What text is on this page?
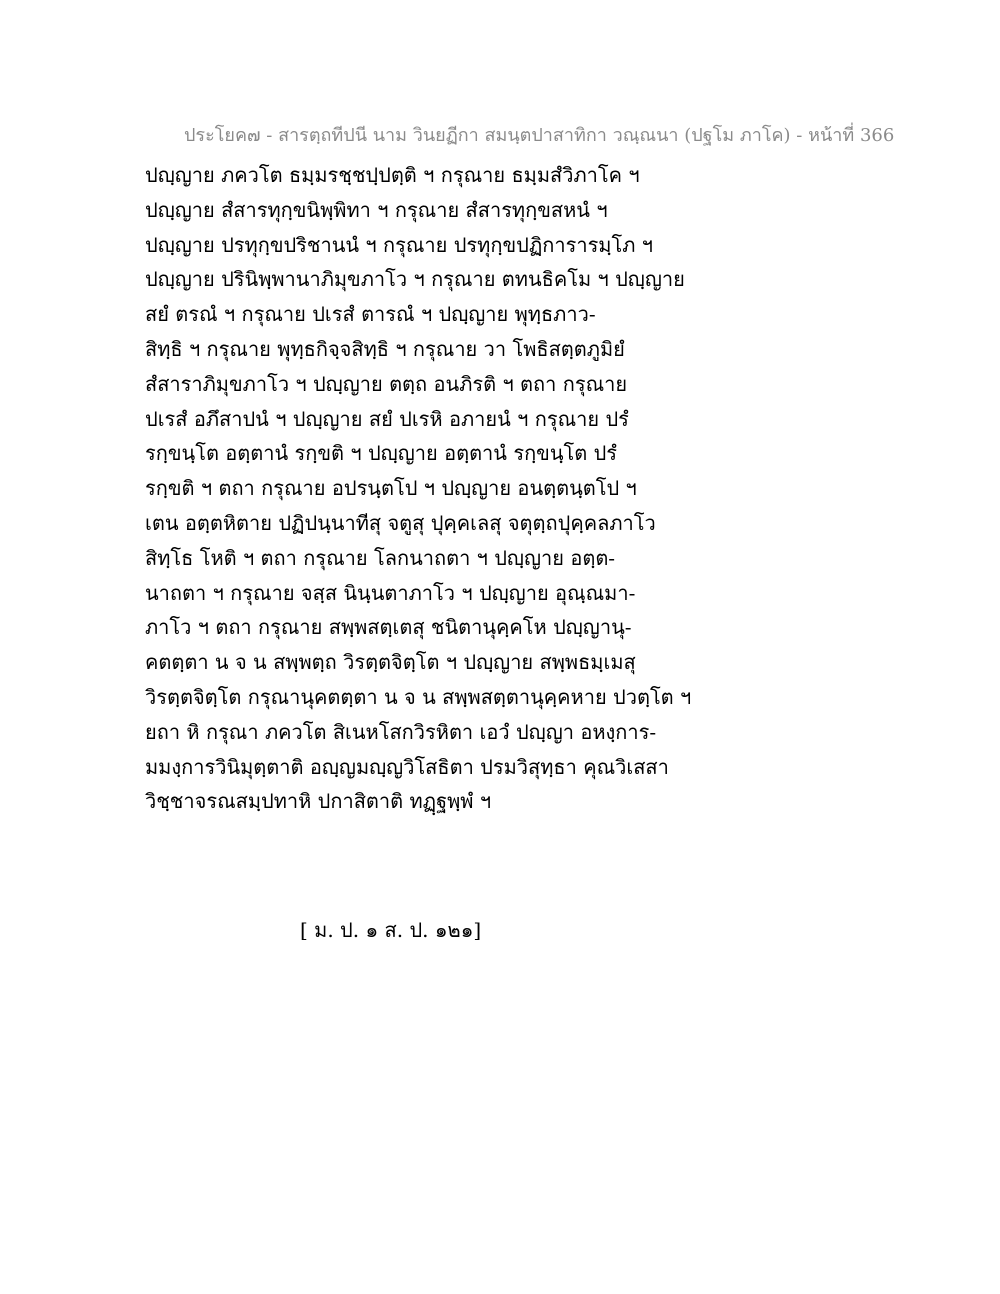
ประโยค๗ - สารตฺถทีปนี นาม วินยฏีกา สมนฺตปาสาทิกา วณฺณนา (ปฐโม ภาโค) - หน้าที่ 366
ปญฺญาย ภควโต ธมฺมรชฺชปฺปตฺติ ฯ กรุณาย ธมฺมสํวิภาโค ฯ
ปญฺญาย สํสารทุกฺขนิพฺพิทา ฯ กรุณาย สํสารทุกฺขสหนํ ฯ
ปญฺญาย ปรทุกฺขปริชานนํ ฯ กรุณาย ปรทุกฺขปฏิการารมฺโภ ฯ
ปญฺญาย ปรินิพฺพานาภิมุขภาโว ฯ กรุณาย ตทนธิคโม ฯ ปญฺญาย
สยํ ตรณํ ฯ กรุณาย ปเรสํ ตารณํ ฯ ปญฺญาย พุทฺธภาว-
สิทฺธิ ฯ กรุณาย พุทฺธกิจฺจสิทฺธิ ฯ กรุณาย วา โพธิสตฺตภูมิยํ
สํสาราภิมุขภาโว ฯ ปญฺญาย ตตฺถ อนภิรติ ฯ ตถา กรุณาย
ปเรสํ อภึสาปนํ ฯ ปญฺญาย สยํ ปเรหิ อภายนํ ฯ กรุณาย ปรํ
รกฺขนฺโต อตฺตานํ รกฺขติ ฯ ปญฺญาย อตฺตานํ รกฺขนฺโต ปรํ
รกฺขติ ฯ ตถา กรุณาย อปรนฺตโป ฯ ปญฺญาย อนตฺตนฺตโป ฯ
เตน อตฺตหิตาย ปฏิปนฺนาทีสุ จตูสุ ปุคฺคเลสุ จตุตฺถปุคฺคลภาโว
สิทฺโธ โหติ ฯ ตถา กรุณาย โลกนาถตา ฯ ปญฺญาย อตฺต-
นาถตา ฯ กรุณาย จสฺส นินฺนตาภาโว ฯ ปญฺญาย อุณฺณมา-
ภาโว ฯ ตถา กรุณาย สพฺพสตฺเตสุ ชนิตานุคฺคโห ปญฺญานุ-
คตตฺตา น จ น สพฺพตฺถ วิรตฺตจิตฺโต ฯ ปญฺญาย สพฺพธมฺเมสุ
วิรตฺตจิตฺโต กรุณานุคตตฺตา น จ น สพฺพสตฺตานุคฺคหาย ปวตฺโต ฯ
ยถา หิ กรุณา ภควโต สิเนหโสกวิรหิตา เอวํ ปญฺญา อหงฺการ-
มมงฺการวินิมุตฺตาติ อญฺญมญฺญวิโสธิตา ปรมวิสุทฺธา คุณวิเสสา
วิชฺชาจรณสมฺปทาหิ ปกาสิตาติ ทฏฺฐพฺพํ ฯ
[ ม. ป. ๑ ส. ป. ๑๒๑]
